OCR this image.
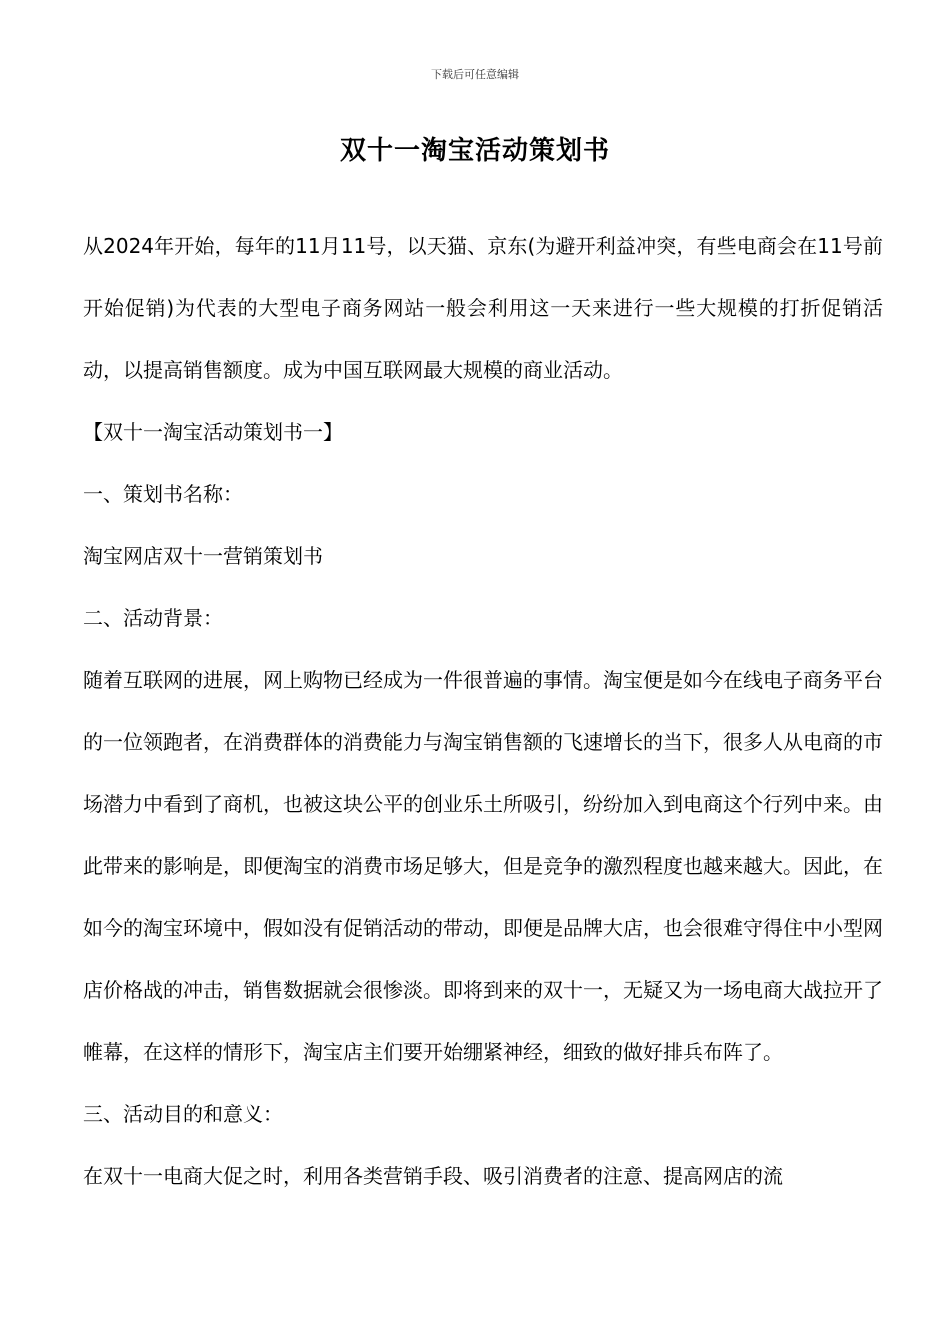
下载后可任意编辑
双十一淘宝活动策划书

从2024年开始，每年的11月11号，以天猫、京东(为避开利益冲突，有些电商会在11号前开始促销)为代表的大型电子商务网站一般会利用这一天来进行一些大规模的打折促销活动，以提高销售额度。成为中国互联网最大规模的商业活动。

【双十一淘宝活动策划书一】

一、策划书名称：

淘宝网店双十一营销策划书

二、活动背景：

随着互联网的进展，网上购物已经成为一件很普遍的事情。淘宝便是如今在线电子商务平台的一位领跑者，在消费群体的消费能力与淘宝销售额的飞速增长的当下，很多人从电商的市场潜力中看到了商机，也被这块公平的创业乐土所吸引，纷纷加入到电商这个行列中来。由此带来的影响是，即便淘宝的消费市场足够大，但是竞争的激烈程度也越来越大。因此，在如今的淘宝环境中，假如没有促销活动的带动，即便是品牌大店，也会很难守得住中小型网店价格战的冲击，销售数据就会很惨淡。即将到来的双十一，无疑又为一场电商大战拉开了帷幕，在这样的情形下，淘宝店主们要开始绷紧神经，细致的做好排兵布阵了。

三、活动目的和意义：

在双十一电商大促之时，利用各类营销手段、吸引消费者的注意、提高网店的流
